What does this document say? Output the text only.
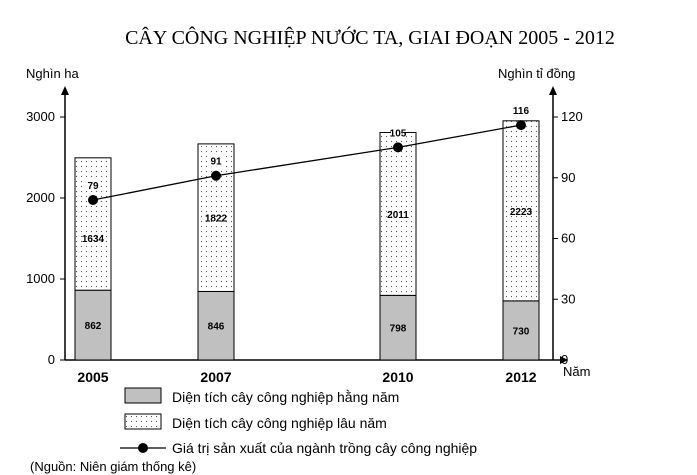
CÂY CÔNG NGHIỆP NƯỚC TA, GIAI ĐOẠN 2005 - 2012
Nghìn ha	Nghìn tỉ đồng
Năm
862
1634
846
1822
798
2011
730
2223
79
91
105
116
0
1000
2000
3000
0
30
60
90
120
2005	2007	2010	2012
Diện tích cây công nghiệp hằng năm
Diện tích cây công nghiệp lâu năm
Giá trị sản xuất của ngành trồng cây công nghiệp
(Nguồn: Niên giám thống kê)
